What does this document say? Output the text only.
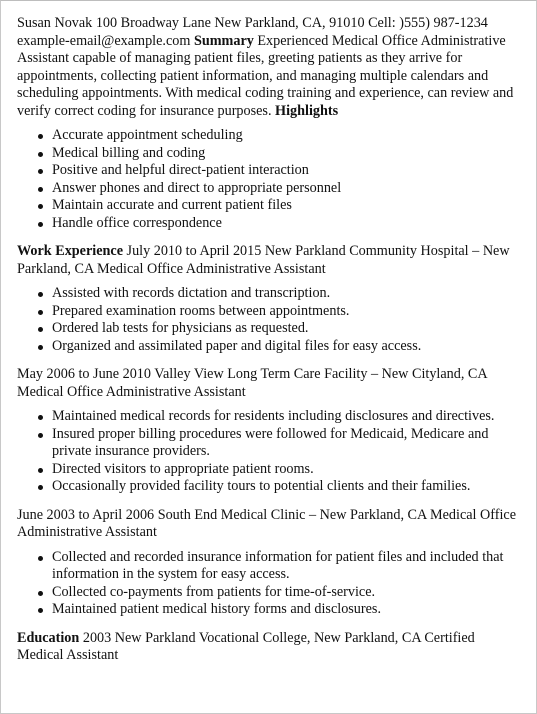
Susan Novak 100 Broadway Lane New Parkland, CA, 91010 Cell: )555) 987-1234 example-email@example.com Summary Experienced Medical Office Administrative Assistant capable of managing patient files, greeting patients as they arrive for appointments, collecting patient information, and managing multiple calendars and scheduling appointments. With medical coding training and experience, can review and verify correct coding for insurance purposes. Highlights

Accurate appointment scheduling
Medical billing and coding
Positive and helpful direct-patient interaction
Answer phones and direct to appropriate personnel
Maintain accurate and current patient files
Handle office correspondence

Work Experience July 2010 to April 2015 New Parkland Community Hospital – New Parkland, CA Medical Office Administrative Assistant

Assisted with records dictation and transcription.
Prepared examination rooms between appointments.
Ordered lab tests for physicians as requested.
Organized and assimilated paper and digital files for easy access.

May 2006 to June 2010 Valley View Long Term Care Facility – New Cityland, CA Medical Office Administrative Assistant

Maintained medical records for residents including disclosures and directives.
Insured proper billing procedures were followed for Medicaid, Medicare and private insurance providers.
Directed visitors to appropriate patient rooms.
Occasionally provided facility tours to potential clients and their families.

June 2003 to April 2006 South End Medical Clinic – New Parkland, CA Medical Office Administrative Assistant

Collected and recorded insurance information for patient files and included that information in the system for easy access.
Collected co-payments from patients for time-of-service.
Maintained patient medical history forms and disclosures.

Education 2003 New Parkland Vocational College, New Parkland, CA Certified Medical Assistant
